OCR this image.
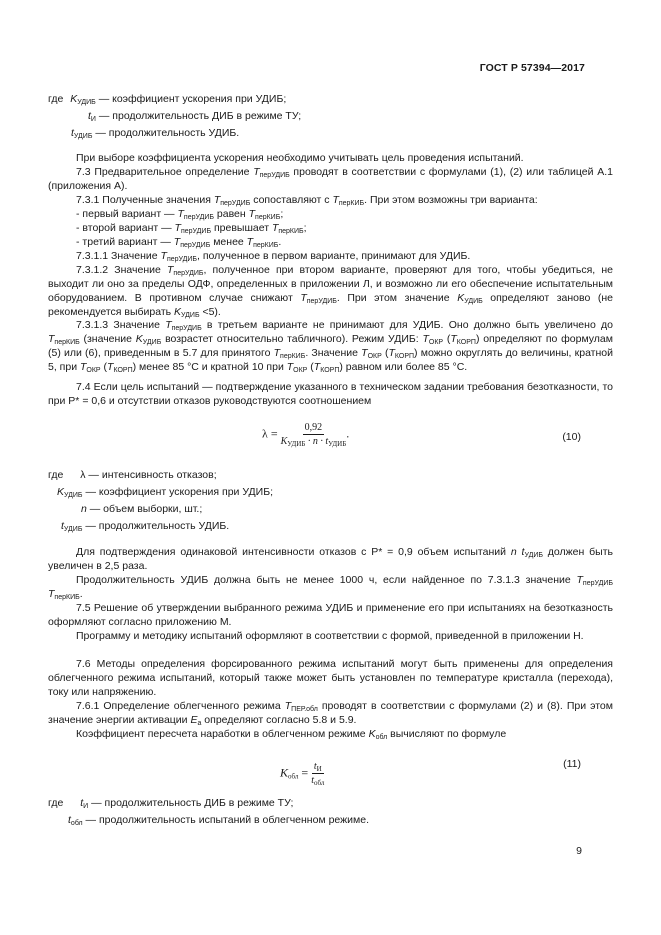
ГОСТ Р 57394—2017
где $K_{УДИБ}$ — коэффициент ускорения при УДИБ;
$t_И$ — продолжительность ДИБ в режиме ТУ;
$t_{УДИБ}$ — продолжительность УДИБ.

При выборе коэффициента ускорения необходимо учитывать цель проведения испытаний.

7.3 Предварительное определение $T_{перУДИБ}$ проводят в соответствии с формулами (1), (2) или таблицей А.1 (приложения А).

7.3.1 Полученные значения $T_{перУДИБ}$ сопоставляют с $T_{перКИБ}$. При этом возможны три варианта:

- первый вариант — $T_{перУДИБ}$ равен $T_{перКИБ}$;
- второй вариант — $T_{перУДИБ}$ превышает $T_{перКИБ}$;
- третий вариант — $T_{перУДИБ}$ менее $T_{перКИБ}$.

7.3.1.1 Значение $T_{перУДИБ}$, полученное в первом варианте, принимают для УДИБ.

7.3.1.2 Значение $T_{перУДИБ}$, полученное при втором варианте, проверяют для того, чтобы убедиться, не выходит ли оно за пределы ОДФ, определенных в приложении Л, и возможно ли его обеспечение испытательным оборудованием. В противном случае снижают $T_{перУДИБ}$. При этом значение $K_{УДИБ}$ определяют заново (не рекомендуется выбирать $K_{УДИБ} <5$).

7.3.1.3 Значение $T_{перУДИБ}$ в третьем варианте не принимают для УДИБ. Оно должно быть увеличено до $T_{перКИБ}$ (значение $K_{УДИБ}$ возрастет относительно табличного). Режим УДИБ: $T_{ОКР}$ $(T_{КОРП})$ определяют по формулам (5) или (6), приведенным в 5.7 для принятого $T_{перКИБ}$. Значение $T_{ОКР}$ $(T_{КОРП})$ можно округлять до величины, кратной 5, при $T_{ОКР}$ $(T_{КОРП})$ менее 85 °С и кратной 10 при $T_{ОКР}$ $(T_{КОРП})$ равном или более 85 °С.

7.4 Если цель испытаний — подтверждение указанного в техническом задании требования безотказности, то при Р* = 0,6 и отсутствии отказов руководствуются соотношением

$\lambda = \frac{0,92}{K_{УДИБ} \cdot n \cdot t_{УДИБ}}$ .	(10)
где λ — интенсивность отказов;
$K_{УДИБ}$ — коэффициент ускорения при УДИБ;
n — объем выборки, шт.;
$t_{УДИБ}$ — продолжительность УДИБ.

Для подтверждения одинаковой интенсивности отказов с Р* = 0,9 объем испытаний n $t_{УДИБ}$ должен быть увеличен в 2,5 раза.

Продолжительность УДИБ должна быть не менее 1000 ч, если найденное по 7.3.1.3 значение $T_{перУДИБ}$ $T_{перКИБ}$.

7.5 Решение об утверждении выбранного режима УДИБ и применение его при испытаниях на безотказность оформляют согласно приложению М.

Программу и методику испытаний оформляют в соответствии с формой, приведенной в приложении Н.

7.6 Методы определения форсированного режима испытаний могут быть применены для определения облегченного режима испытаний, который также может быть установлен по температуре кристалла (перехода), току или напряжению.

7.6.1 Определение облегченного режима $T_{ПЕР.обл}$ проводят в соответствии с формулами (2) и (8). При этом значение энергии активации $E_а$ определяют согласно 5.8 и 5.9.

Коэффициент пересчета наработки в облегченном режиме $K_{обл}$ вычисляют по формуле

$K_{обл} = \frac{t_И}{t_{обл}}$	(11)
где $t_И$ — продолжительность ДИБ в режиме ТУ;
$t_{обл}$ — продолжительность испытаний в облегченном режиме.
9
